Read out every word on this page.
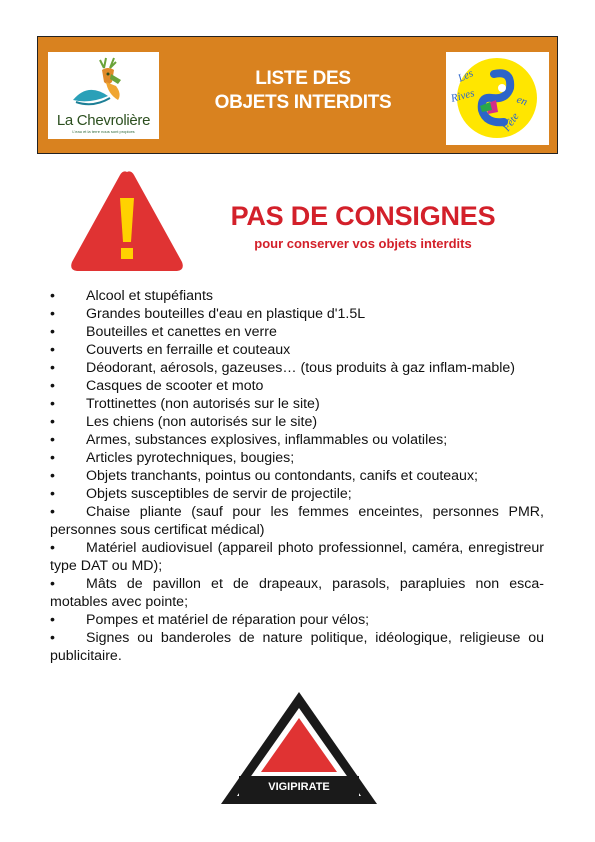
La Chevrolière
L'eau et la terre nous sont propices
LISTE DES
OBJETS INTERDITS
Les
Rives	en
Fête
PAS DE CONSIGNES
pour conserver vos objets interdits
• Alcool et stupéfiants
• Grandes bouteilles d'eau en plastique d'1.5L
• Bouteilles et canettes en verre
• Couverts en ferraille et couteaux
• Déodorant, aérosols, gazeuses… (tous produits à gaz inflam-mable)
• Casques de scooter et moto
• Trottinettes (non autorisés sur le site)
• Les chiens (non autorisés sur le site)
• Armes, substances explosives, inflammables ou volatiles;
• Articles pyrotechniques, bougies;
• Objets tranchants, pointus ou contondants, canifs et couteaux;
• Objets susceptibles de servir de projectile;
• Chaise pliante (sauf pour les femmes enceintes, personnes PMR, personnes sous certificat médical)
• Matériel audiovisuel (appareil photo professionnel, caméra, enregistreur type DAT ou MD);
• Mâts de pavillon et de drapeaux, parasols, parapluies non esca-motables avec pointe;
• Pompes et matériel de réparation pour vélos;
• Signes ou banderoles de nature politique, idéologique, religieuse ou publicitaire.
VIGIPIRATE
